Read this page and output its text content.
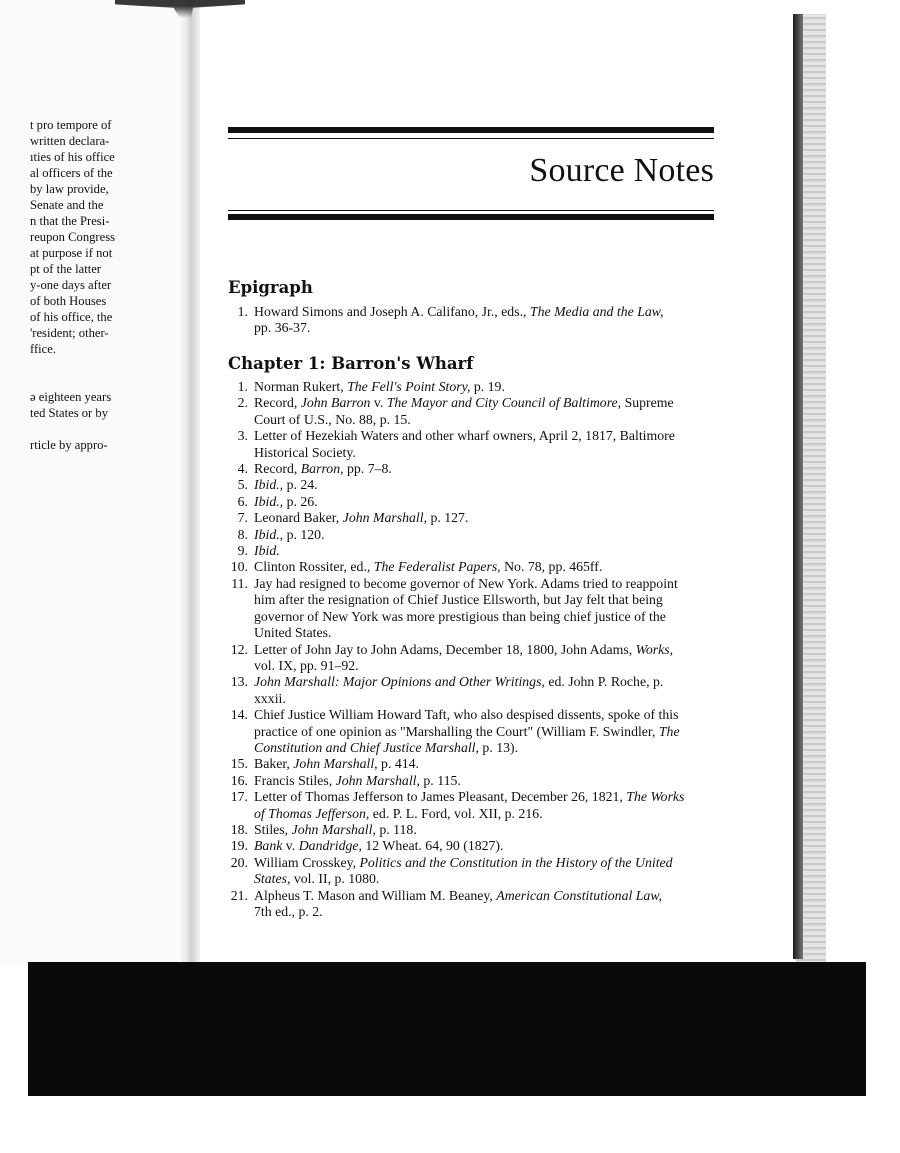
t pro tempore of
written declara-
ıties of his office
al officers of the
by law provide,
Senate and the
n that the Presi-
reupon Congress
at purpose if not
pt of the latter
y-one days after
of both Houses
of his office, the
'resident; other-
ffice.
ə eighteen years
ted States or by
rticle by appro-
Source Notes
Epigraph
1. Howard Simons and Joseph A. Califano, Jr., eds., The Media and the Law,
pp. 36-37.
Chapter 1: Barron's Wharf
1. Norman Rukert, The Fell's Point Story, p. 19.
2. Record, John Barron v. The Mayor and City Council of Baltimore, Supreme
Court of U.S., No. 88, p. 15.
3. Letter of Hezekiah Waters and other wharf owners, April 2, 1817, Baltimore
Historical Society.
4. Record, Barron, pp. 7–8.
5. Ibid., p. 24.
6. Ibid., p. 26.
7. Leonard Baker, John Marshall, p. 127.
8. Ibid., p. 120.
9. Ibid.
10. Clinton Rossiter, ed., The Federalist Papers, No. 78, pp. 465ff.
11. Jay had resigned to become governor of New York. Adams tried to reappoint
him after the resignation of Chief Justice Ellsworth, but Jay felt that being
governor of New York was more prestigious than being chief justice of the
United States.
12. Letter of John Jay to John Adams, December 18, 1800, John Adams, Works,
vol. IX, pp. 91–92.
13. John Marshall: Major Opinions and Other Writings, ed. John P. Roche, p.
xxxii.
14. Chief Justice William Howard Taft, who also despised dissents, spoke of this
practice of one opinion as "Marshalling the Court" (William F. Swindler, The
Constitution and Chief Justice Marshall, p. 13).
15. Baker, John Marshall, p. 414.
16. Francis Stiles, John Marshall, p. 115.
17. Letter of Thomas Jefferson to James Pleasant, December 26, 1821, The Works
of Thomas Jefferson, ed. P. L. Ford, vol. XII, p. 216.
18. Stiles, John Marshall, p. 118.
19. Bank v. Dandridge, 12 Wheat. 64, 90 (1827).
20. William Crosskey, Politics and the Constitution in the History of the United
States, vol. II, p. 1080.
21. Alpheus T. Mason and William M. Beaney, American Constitutional Law,
7th ed., p. 2.
